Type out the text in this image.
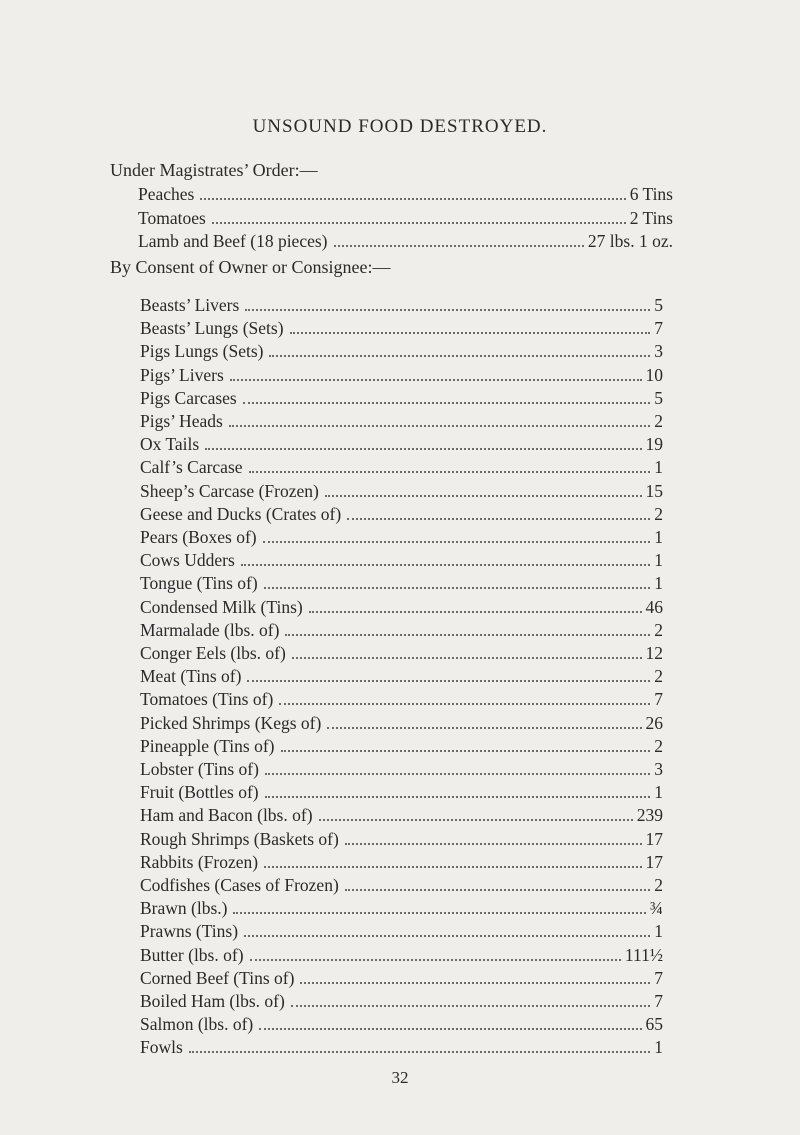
UNSOUND FOOD DESTROYED.
Under Magistrates’ Order:—
Peaches	6 Tins
Tomatoes	2 Tins
Lamb and Beef (18 pieces)	27 lbs. 1 oz.
By Consent of Owner or Consignee:—
Beasts’ Livers	5
Beasts’ Lungs (Sets)	7
Pigs Lungs (Sets)	3
Pigs’ Livers	10
Pigs Carcases	5
Pigs’ Heads	2
Ox Tails	19
Calf’s Carcase	1
Sheep’s Carcase (Frozen)	15
Geese and Ducks (Crates of)	2
Pears (Boxes of)	1
Cows Udders	1
Tongue (Tins of)	1
Condensed Milk (Tins)	46
Marmalade (lbs. of)	2
Conger Eels (lbs. of)	12
Meat (Tins of)	2
Tomatoes (Tins of)	7
Picked Shrimps (Kegs of)	26
Pineapple (Tins of)	2
Lobster (Tins of)	3
Fruit (Bottles of)	1
Ham and Bacon (lbs. of)	239
Rough Shrimps (Baskets of)	17
Rabbits (Frozen)	17
Codfishes (Cases of Frozen)	2
Brawn (lbs.)	¾
Prawns (Tins)	1
Butter (lbs. of)	111½
Corned Beef (Tins of)	7
Boiled Ham (lbs. of)	7
Salmon (lbs. of)	65
Fowls	1
32
